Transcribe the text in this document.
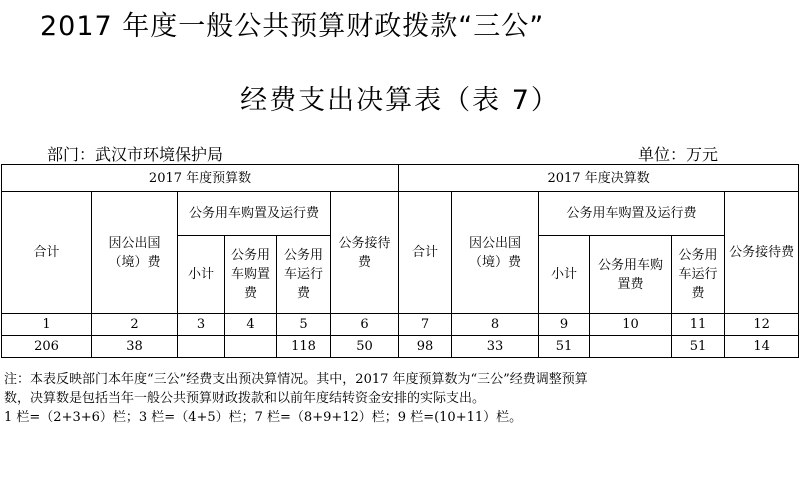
2017 年度一般公共预算财政拨款“三公”
经费支出决算表（表 7）
部门：武汉市环境保护局	单位：万元
2017 年度预算数						2017 年度决算数					
合计	因公出国（境）费	公务用车购置及运行费			公务接待费	合计	因公出国（境）费	公务用车购置及运行费			公务接待费
		小计	公务用车购置费	公务用车运行费				小计	公务用车购置费	公务用车运行费	
1	2	3	4	5	6	7	8	9	10	11	12
206	38			118	50	98	33	51		51	14
注：本表反映部门本年度“三公”经费支出预决算情况。其中，2017 年度预算数为“三公”经费调整预算
数，决算数是包括当年一般公共预算财政拨款和以前年度结转资金安排的实际支出。
1 栏=（2+3+6）栏；3 栏=（4+5）栏；7 栏=（8+9+12）栏；9 栏=(10+11）栏。
